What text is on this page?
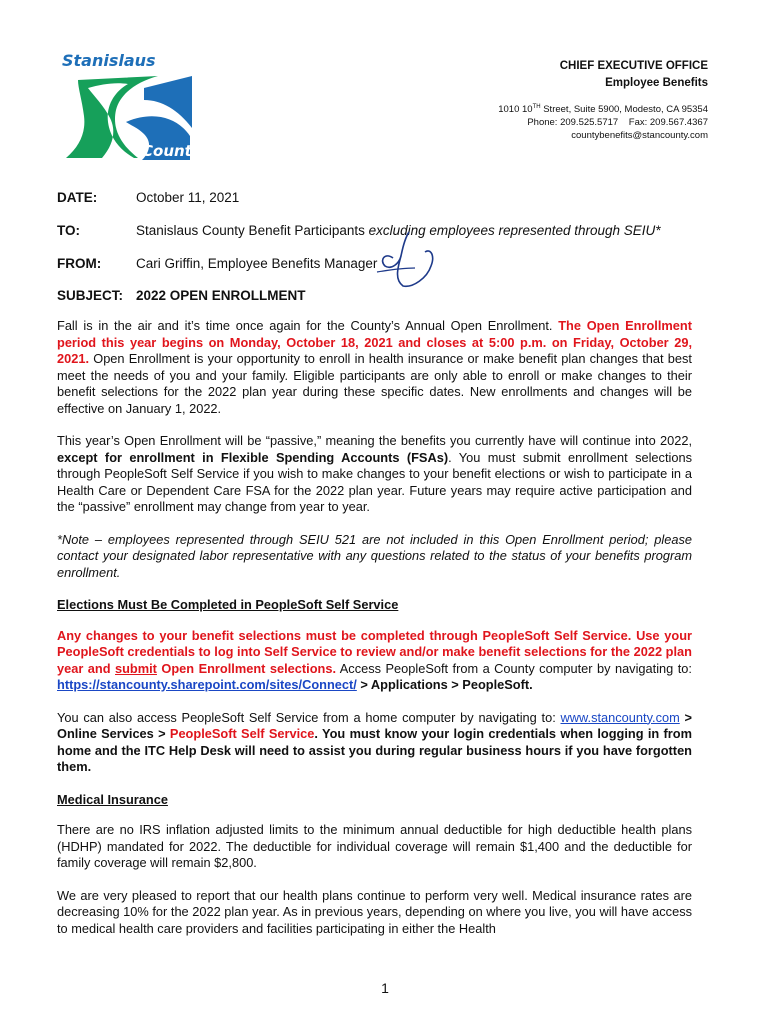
Stanislaus
County
CHIEF EXECUTIVE OFFICE
Employee Benefits
1010 10TH Street, Suite 5900, Modesto, CA 95354
Phone: 209.525.5717 Fax: 209.567.4367
countybenefits@stancounty.com
DATE:	October 11, 2021
TO:	Stanislaus County Benefit Participants excluding employees represented through SEIU*
FROM:	Cari Griffin, Employee Benefits Manager
SUBJECT: 2022 OPEN ENROLLMENT

Fall is in the air and it’s time once again for the County’s Annual Open Enrollment. The Open Enrollment period this year begins on Monday, October 18, 2021 and closes at 5:00 p.m. on Friday, October 29, 2021. Open Enrollment is your opportunity to enroll in health insurance or make benefit plan changes that best meet the needs of you and your family. Eligible participants are only able to enroll or make changes to their benefit selections for the 2022 plan year during these specific dates. New enrollments and changes will be effective on January 1, 2022.

This year’s Open Enrollment will be “passive,” meaning the benefits you currently have will continue into 2022, except for enrollment in Flexible Spending Accounts (FSAs). You must submit enrollment selections through PeopleSoft Self Service if you wish to make changes to your benefit elections or wish to participate in a Health Care or Dependent Care FSA for the 2022 plan year. Future years may require active participation and the “passive” enrollment may change from year to year.

*Note – employees represented through SEIU 521 are not included in this Open Enrollment period; please contact your designated labor representative with any questions related to the status of your benefits program enrollment.

Elections Must Be Completed in PeopleSoft Self Service

Any changes to your benefit selections must be completed through PeopleSoft Self Service. Use your PeopleSoft credentials to log into Self Service to review and/or make benefit selections for the 2022 plan year and submit Open Enrollment selections. Access PeopleSoft from a County computer by navigating to: https://stancounty.sharepoint.com/sites/Connect/ > Applications > PeopleSoft.

You can also access PeopleSoft Self Service from a home computer by navigating to: www.stancounty.com > Online Services > PeopleSoft Self Service. You must know your login credentials when logging in from home and the ITC Help Desk will need to assist you during regular business hours if you have forgotten them.

Medical Insurance

There are no IRS inflation adjusted limits to the minimum annual deductible for high deductible health plans (HDHP) mandated for 2022. The deductible for individual coverage will remain $1,400 and the deductible for family coverage will remain $2,800.

We are very pleased to report that our health plans continue to perform very well. Medical insurance rates are decreasing 10% for the 2022 plan year. As in previous years, depending on where you live, you will have access to medical health care providers and facilities participating in either the Health

1
